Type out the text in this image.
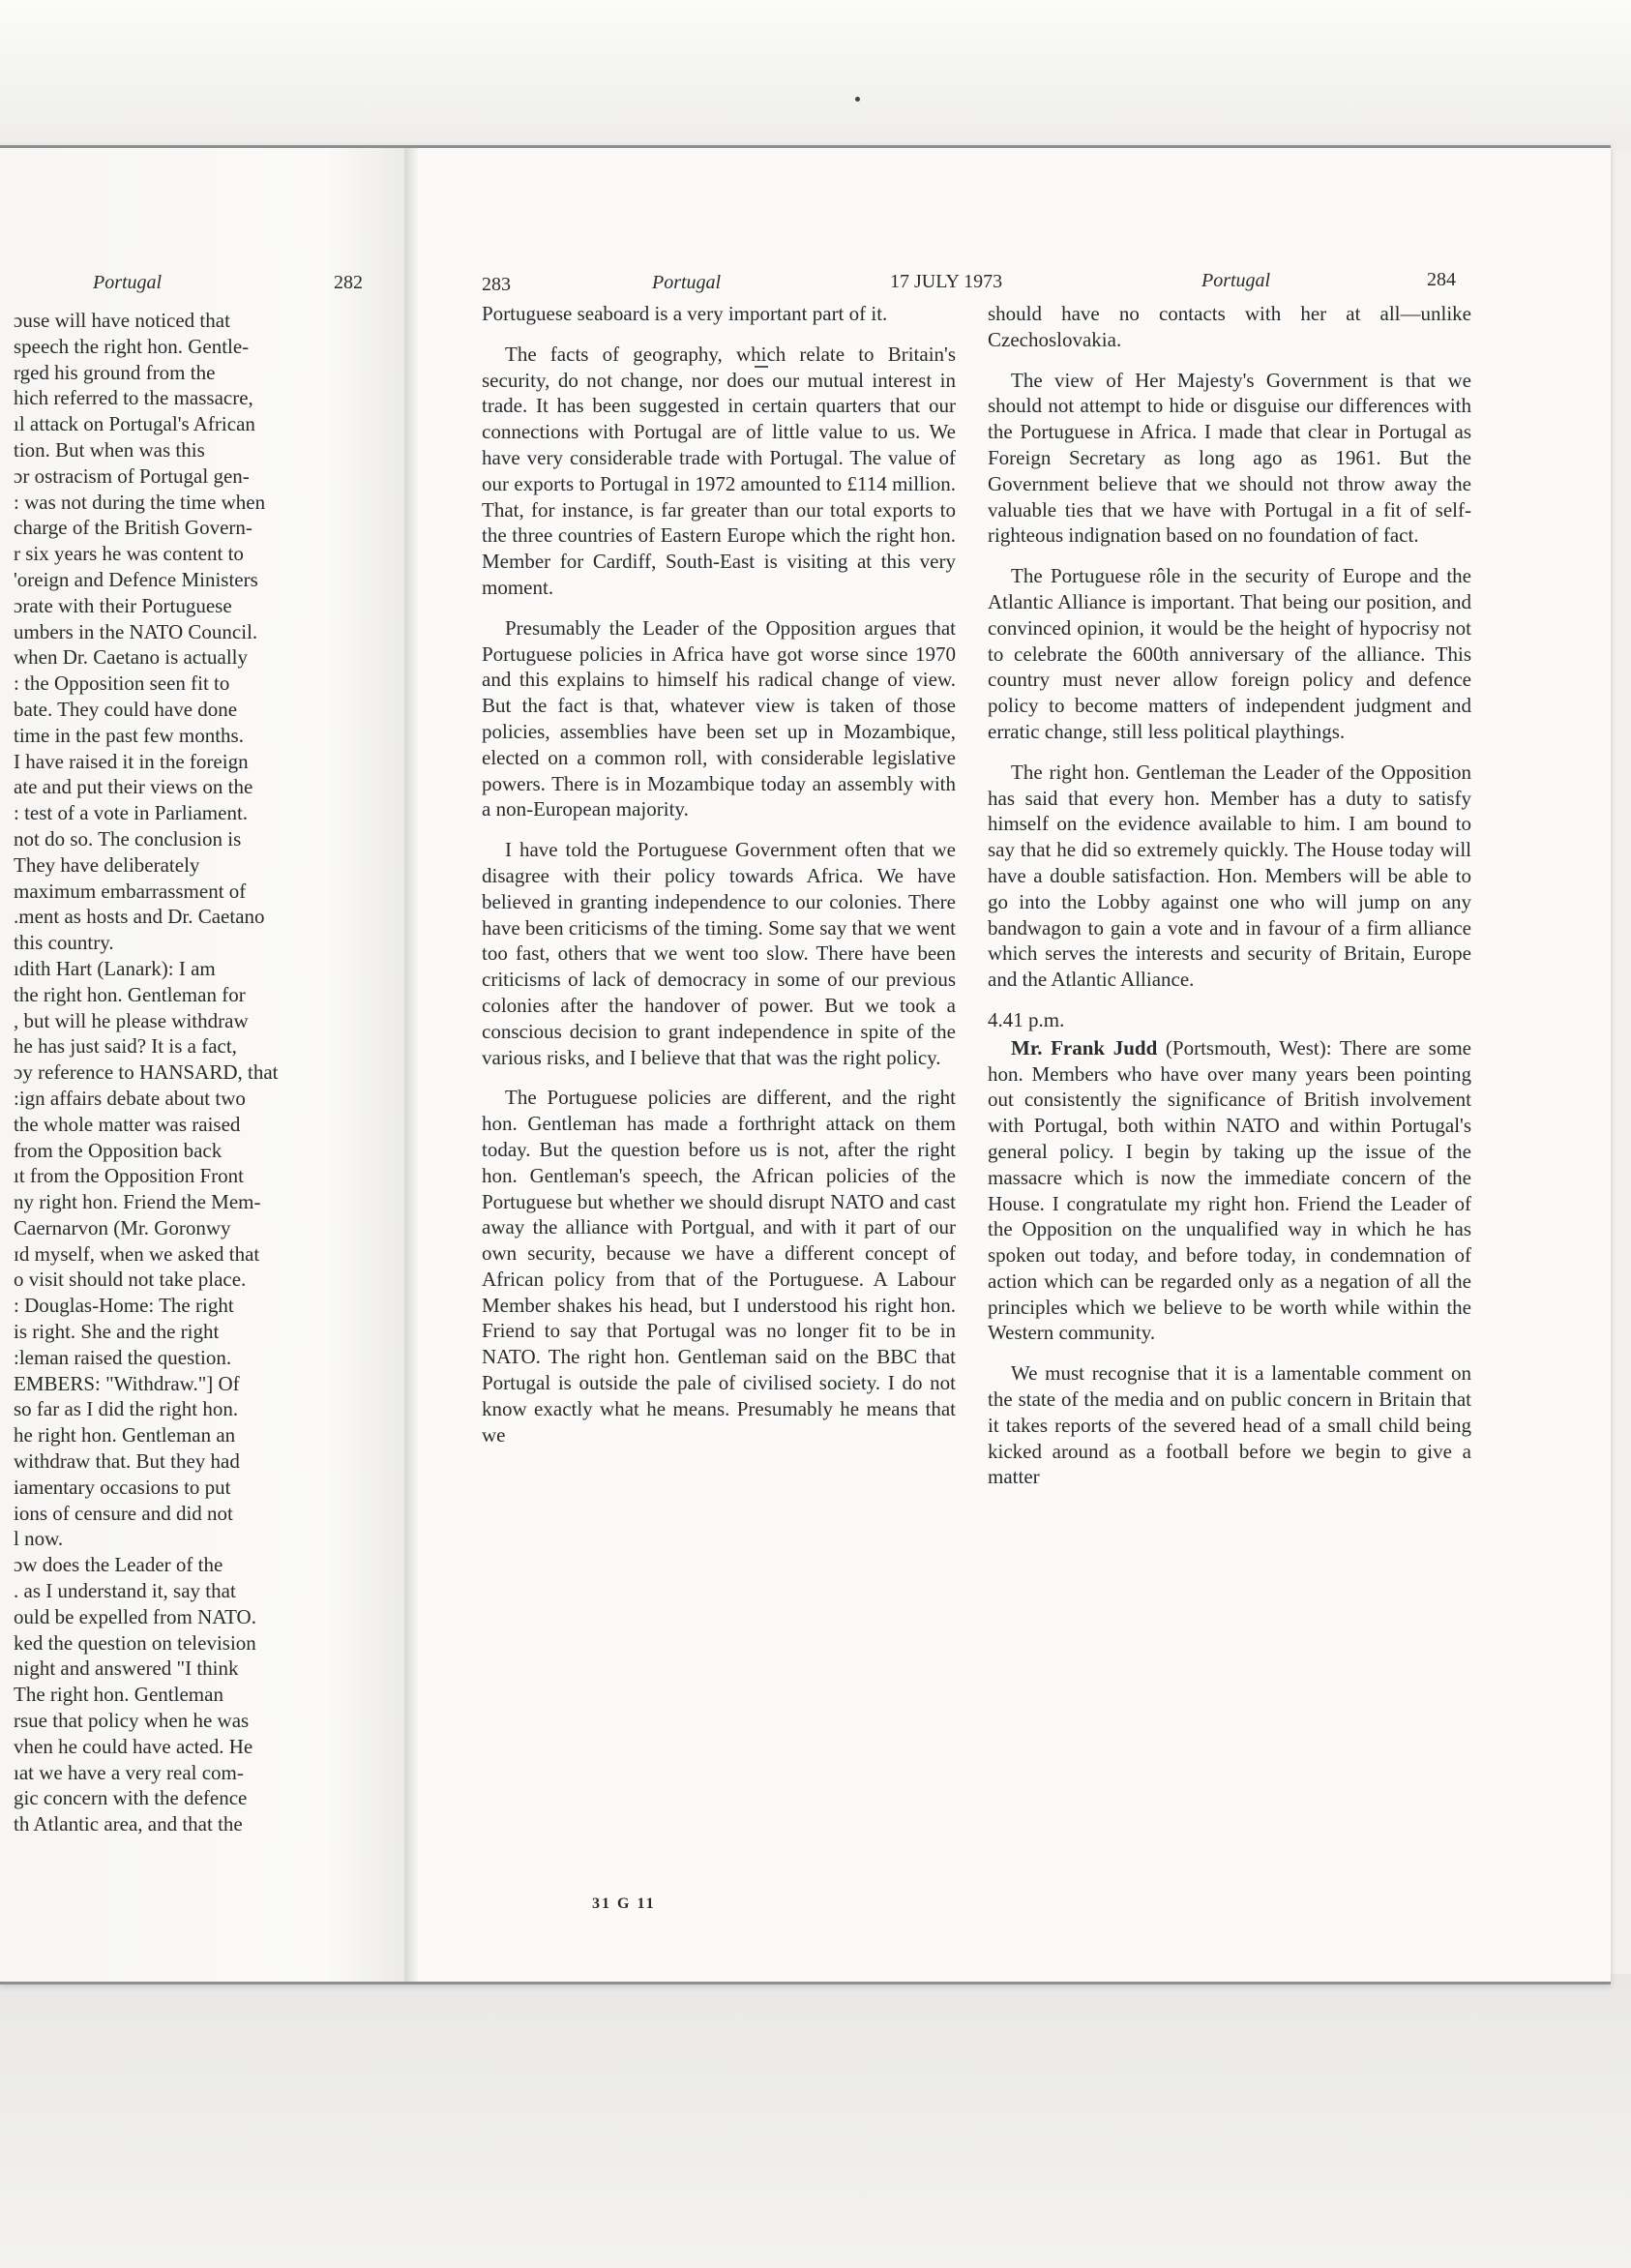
Portugal	282	283	Portugal	17 JULY 1973	Portugal	284
ɔuse will have noticed that
speech the right hon. Gentle-
rged his ground from the
hich referred to the massacre,
ıl attack on Portugal's African
tion. But when was this
ɔr ostracism of Portugal gen-
: was not during the time when
charge of the British Govern-
r six years he was content to
'oreign and Defence Ministers
ɔrate with their Portuguese
umbers in the NATO Council.
when Dr. Caetano is actually
: the Opposition seen fit to
bate. They could have done
time in the past few months.
I have raised it in the foreign
ate and put their views on the
: test of a vote in Parliament.
not do so. The conclusion is
They have deliberately
maximum embarrassment of
.ment as hosts and Dr. Caetano
this country.
ıdith Hart (Lanark): I am
the right hon. Gentleman for
, but will he please withdraw
he has just said? It is a fact,
ɔy reference to HANSARD, that
:ign affairs debate about two
the whole matter was raised
from the Opposition back
ıt from the Opposition Front
ny right hon. Friend the Mem-
Caernarvon (Mr. Goronwy
ɪd myself, when we asked that
o visit should not take place.
: Douglas-Home: The right
is right. She and the right
:leman raised the question.
EMBERS: "Withdraw."] Of
so far as I did the right hon.
he right hon. Gentleman an
withdraw that. But they had
iamentary occasions to put
ions of censure and did not
l now.
ɔw does the Leader of the
. as I understand it, say that
ould be expelled from NATO.
ked the question on television
night and answered "I think
The right hon. Gentleman
rsue that policy when he was
vhen he could have acted. He
ıat we have a very real com-
gic concern with the defence
th Atlantic area, and that the

Portuguese seaboard is a very important part of it.

The facts of geography, which relate to Britain's security, do not change, nor does our mutual interest in trade. It has been suggested in certain quarters that our connections with Portugal are of little value to us. We have very considerable trade with Portugal. The value of our exports to Portugal in 1972 amounted to £114 million. That, for instance, is far greater than our total exports to the three countries of Eastern Europe which the right hon. Member for Cardiff, South-East is visiting at this very moment.

Presumably the Leader of the Opposition argues that Portuguese policies in Africa have got worse since 1970 and this explains to himself his radical change of view. But the fact is that, whatever view is taken of those policies, assemblies have been set up in Mozambique, elected on a common roll, with considerable legislative powers. There is in Mozambique today an assembly with a non-European majority.

I have told the Portuguese Government often that we disagree with their policy towards Africa. We have believed in granting independence to our colonies. There have been criticisms of the timing. Some say that we went too fast, others that we went too slow. There have been criticisms of lack of democracy in some of our previous colonies after the handover of power. But we took a conscious decision to grant independence in spite of the various risks, and I believe that that was the right policy.

The Portuguese policies are different, and the right hon. Gentleman has made a forthright attack on them today. But the question before us is not, after the right hon. Gentleman's speech, the African policies of the Portuguese but whether we should disrupt NATO and cast away the alliance with Portgual, and with it part of our own security, because we have a different concept of African policy from that of the Portuguese. A Labour Member shakes his head, but I understood his right hon. Friend to say that Portugal was no longer fit to be in NATO. The right hon. Gentleman said on the BBC that Portugal is outside the pale of civilised society. I do not know exactly what he means. Presumably he means that we

31 G 11

should have no contacts with her at all—unlike Czechoslovakia.

The view of Her Majesty's Government is that we should not attempt to hide or disguise our differences with the Portuguese in Africa. I made that clear in Portugal as Foreign Secretary as long ago as 1961. But the Government believe that we should not throw away the valuable ties that we have with Portugal in a fit of self-righteous indignation based on no foundation of fact.

The Portuguese rôle in the security of Europe and the Atlantic Alliance is important. That being our position, and convinced opinion, it would be the height of hypocrisy not to celebrate the 600th anniversary of the alliance. This country must never allow foreign policy and defence policy to become matters of independent judgment and erratic change, still less political playthings.

The right hon. Gentleman the Leader of the Opposition has said that every hon. Member has a duty to satisfy himself on the evidence available to him. I am bound to say that he did so extremely quickly. The House today will have a double satisfaction. Hon. Members will be able to go into the Lobby against one who will jump on any bandwagon to gain a vote and in favour of a firm alliance which serves the interests and security of Britain, Europe and the Atlantic Alliance.

4.41 p.m.

Mr. Frank Judd (Portsmouth, West): There are some hon. Members who have over many years been pointing out consistently the significance of British involvement with Portugal, both within NATO and within Portugal's general policy. I begin by taking up the issue of the massacre which is now the immediate concern of the House. I congratulate my right hon. Friend the Leader of the Opposition on the unqualified way in which he has spoken out today, and before today, in condemnation of action which can be regarded only as a negation of all the principles which we believe to be worth while within the Western community.

We must recognise that it is a lamentable comment on the state of the media and on public concern in Britain that it takes reports of the severed head of a small child being kicked around as a football before we begin to give a matter
